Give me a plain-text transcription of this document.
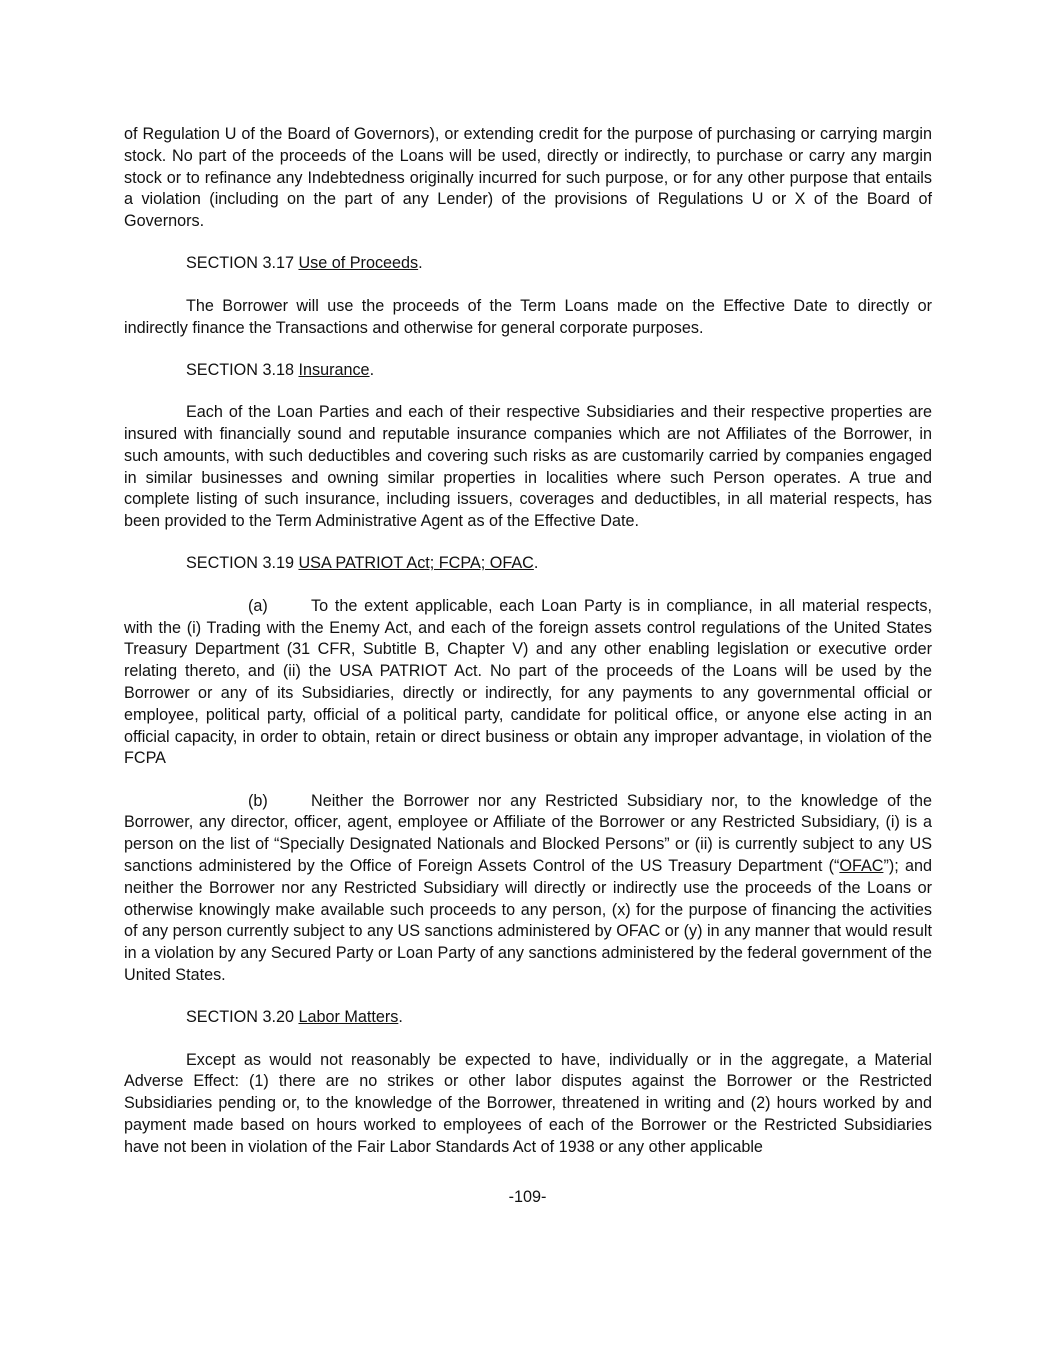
of Regulation U of the Board of Governors), or extending credit for the purpose of purchasing or carrying margin stock. No part of the proceeds of the Loans will be used, directly or indirectly, to purchase or carry any margin stock or to refinance any Indebtedness originally incurred for such purpose, or for any other purpose that entails a violation (including on the part of any Lender) of the provisions of Regulations U or X of the Board of Governors.

SECTION 3.17 Use of Proceeds.

The Borrower will use the proceeds of the Term Loans made on the Effective Date to directly or indirectly finance the Transactions and otherwise for general corporate purposes.

SECTION 3.18 Insurance.

Each of the Loan Parties and each of their respective Subsidiaries and their respective properties are insured with financially sound and reputable insurance companies which are not Affiliates of the Borrower, in such amounts, with such deductibles and covering such risks as are customarily carried by companies engaged in similar businesses and owning similar properties in localities where such Person operates. A true and complete listing of such insurance, including issuers, coverages and deductibles, in all material respects, has been provided to the Term Administrative Agent as of the Effective Date.

SECTION 3.19 USA PATRIOT Act; FCPA; OFAC.

(a)	To the extent applicable, each Loan Party is in compliance, in all material respects, with the (i) Trading with the Enemy Act, and each of the foreign assets control regulations of the United States Treasury Department (31 CFR, Subtitle B, Chapter V) and any other enabling legislation or executive order relating thereto, and (ii) the USA PATRIOT Act. No part of the proceeds of the Loans will be used by the Borrower or any of its Subsidiaries, directly or indirectly, for any payments to any governmental official or employee, political party, official of a political party, candidate for political office, or anyone else acting in an official capacity, in order to obtain, retain or direct business or obtain any improper advantage, in violation of the FCPA

(b)	Neither the Borrower nor any Restricted Subsidiary nor, to the knowledge of the Borrower, any director, officer, agent, employee or Affiliate of the Borrower or any Restricted Subsidiary, (i) is a person on the list of “Specially Designated Nationals and Blocked Persons” or (ii) is currently subject to any US sanctions administered by the Office of Foreign Assets Control of the US Treasury Department (“OFAC”); and neither the Borrower nor any Restricted Subsidiary will directly or indirectly use the proceeds of the Loans or otherwise knowingly make available such proceeds to any person, (x) for the purpose of financing the activities of any person currently subject to any US sanctions administered by OFAC or (y) in any manner that would result in a violation by any Secured Party or Loan Party of any sanctions administered by the federal government of the United States.

SECTION 3.20 Labor Matters.

Except as would not reasonably be expected to have, individually or in the aggregate, a Material Adverse Effect: (1) there are no strikes or other labor disputes against the Borrower or the Restricted Subsidiaries pending or, to the knowledge of the Borrower, threatened in writing and (2) hours worked by and payment made based on hours worked to employees of each of the Borrower or the Restricted Subsidiaries have not been in violation of the Fair Labor Standards Act of 1938 or any other applicable

-109-
